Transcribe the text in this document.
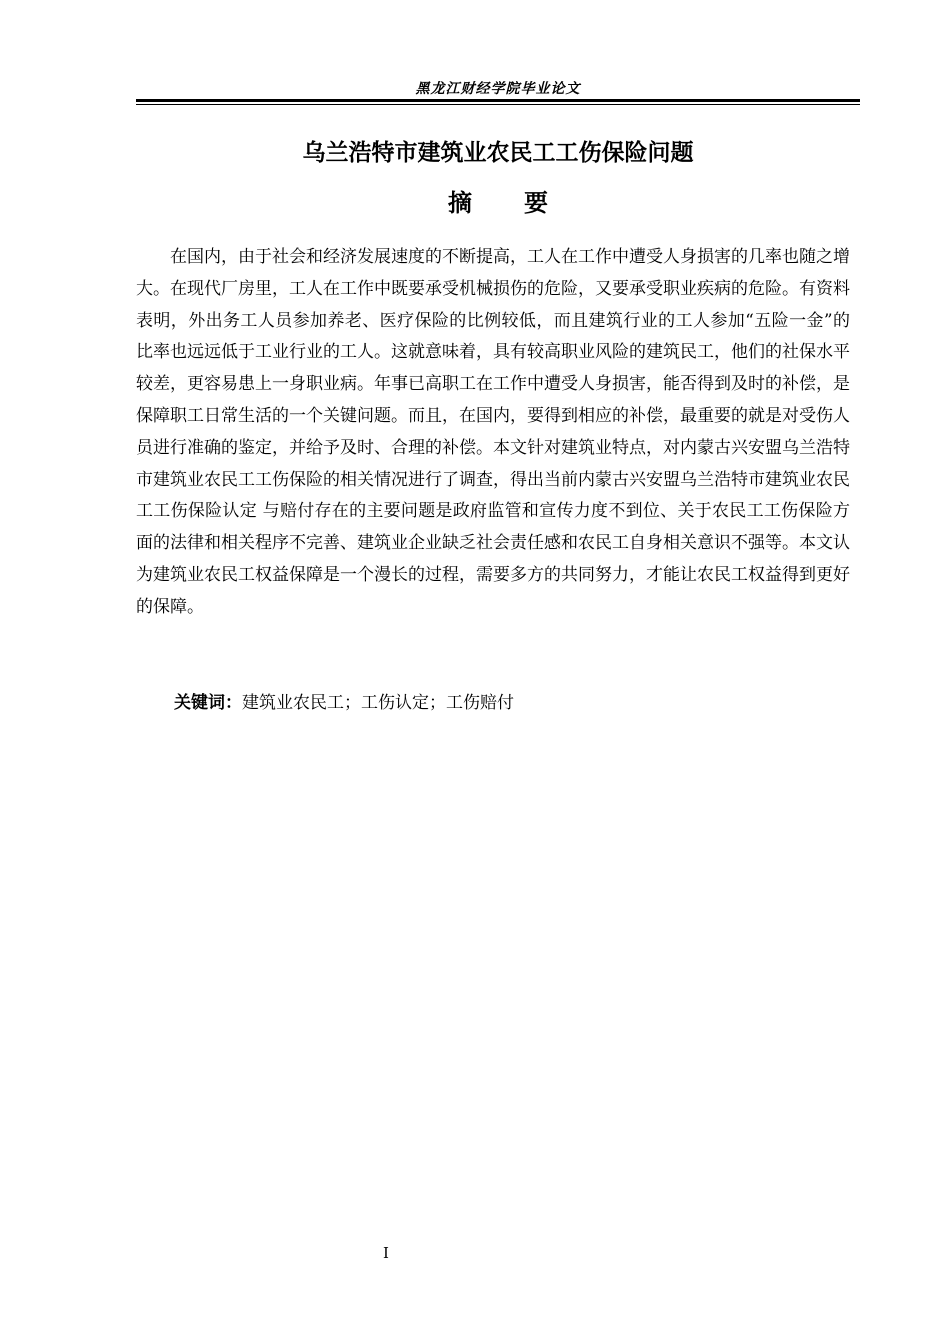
黑龙江财经学院毕业论文
乌兰浩特市建筑业农民工工伤保险问题
摘要

在国内，由于社会和经济发展速度的不断提高，工人在工作中遭受人身损害的几率也随之增大。在现代厂房里，工人在工作中既要承受机械损伤的危险，又要承受职业疾病的危险。有资料表明，外出务工人员参加养老、医疗保险的比例较低，而且建筑行业的工人参加“五险一金”的比率也远远低于工业行业的工人。这就意味着，具有较高职业风险的建筑民工，他们的社保水平较差，更容易患上一身职业病。年事已高职工在工作中遭受人身损害，能否得到及时的补偿，是保障职工日常生活的一个关键问题。而且，在国内，要得到相应的补偿，最重要的就是对受伤人员进行准确的鉴定，并给予及时、合理的补偿。本文针对建筑业特点，对内蒙古兴安盟乌兰浩特市建筑业农民工工伤保险的相关情况进行了调查，得出当前内蒙古兴安盟乌兰浩特市建筑业农民工工伤保险认定 与赔付存在的主要问题是政府监管和宣传力度不到位、关于农民工工伤保险方面的法律和相关程序不完善、建筑业企业缺乏社会责任感和农民工自身相关意识不强等。本文认为建筑业农民工权益保障是一个漫长的过程，需要多方的共同努力，才能让农民工权益得到更好的保障。

关键词：建筑业农民工；工伤认定；工伤赔付
I
